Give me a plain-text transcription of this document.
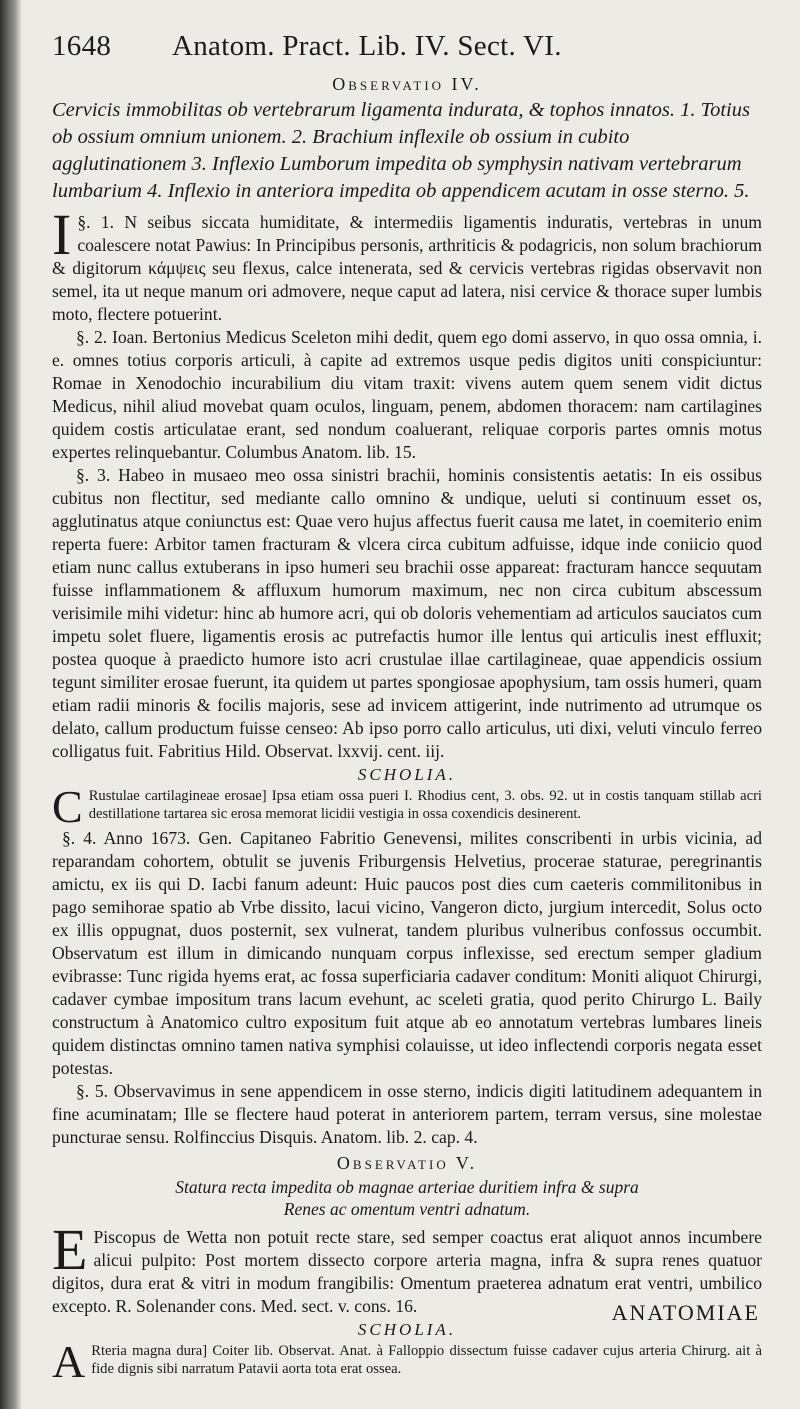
1648	Anatom. Pract. Lib. IV. Sect. VI.
Observatio IV.

Cervicis immobilitas ob vertebrarum ligamenta indurata, & tophos innatos. 1. Totius ob ossium omnium unionem. 2. Brachium inflexile ob ossium in cubito agglutinationem 3. Inflexio Lumborum impedita ob symphysin nativam vertebrarum lumbarium 4. Inflexio in anteriora impedita ob appendicem acutam in osse sterno. 5.

§. 1.
I	N seibus siccata humiditate, & intermediis ligamentis induratis, vertebras in unum coalescere notat Pawius: In Principibus personis, arthriticis & podagricis, non solum brachiorum & digitorum κάμψεις seu flexus, calce intenerata, sed & cervicis vertebras rigidas observavit non semel, ita ut neque manum ori admovere, neque caput ad latera, nisi cervice & thorace super lumbis moto, flectere potuerint.

§. 2. Ioan. Bertonius Medicus Sceleton mihi dedit, quem ego domi asservo, in quo ossa omnia, i. e. omnes totius corporis articuli, à capite ad extremos usque pedis digitos uniti conspiciuntur: Romae in Xenodochio incurabilium diu vitam traxit: vivens autem quem senem vidit dictus Medicus, nihil aliud movebat quam oculos, linguam, penem, abdomen thoracem: nam cartilagines quidem costis articulatae erant, sed nondum coaluerant, reliquae corporis partes omnis motus expertes relinquebantur. Columbus Anatom. lib. 15.

§. 3. Habeo in musaeo meo ossa sinistri brachii, hominis consistentis aetatis: In eis ossibus cubitus non flectitur, sed mediante callo omnino & undique, ueluti si continuum esset os, agglutinatus atque coniunctus est: Quae vero hujus affectus fuerit causa me latet, in coemiterio enim reperta fuere: Arbitor tamen fracturam & vlcera circa cubitum adfuisse, idque inde coniicio quod etiam nunc callus extuberans in ipso humeri seu brachii osse appareat: fracturam hancce sequutam fuisse inflammationem & affluxum humorum maximum, nec non circa cubitum abscessum verisimile mihi videtur: hinc ab humore acri, qui ob doloris vehementiam ad articulos sauciatos cum impetu solet fluere, ligamentis erosis ac putrefactis humor ille lentus qui articulis inest effluxit; postea quoque à praedicto humore isto acri crustulae illae cartilagineae, quae appendicis ossium tegunt similiter erosae fuerunt, ita quidem ut partes spongiosae apophysium, tam ossis humeri, quam etiam radii minoris & focilis majoris, sese ad invicem attigerint, inde nutrimento ad utrumque os delato, callum productum fuisse censeo: Ab ipso porro callo articulus, uti dixi, veluti vinculo ferreo colligatus fuit. Fabritius Hild. Observat. lxxvij. cent. iij.

SCHOLIA.

C Rustulae cartilagineae erosae] Ipsa etiam ossa pueri I. Rhodius cent, 3. obs. 92. ut in costis tanquam stillab acri destillatione tartarea sic erosa memorat licidii vestigia in ossa coxendicis desinerent.

§. 4. Anno 1673. Gen. Capitaneo Fabritio Genevensi, milites conscribenti in urbis vicinia, ad reparandam cohortem, obtulit se juvenis Friburgensis Helvetius, procerae staturae, peregrinantis amictu, ex iis qui D. Iacbi fanum adeunt: Huic paucos post dies cum caeteris commilitonibus in pago semihorae spatio ab Vrbe dissito, lacui vicino, Vangeron dicto, jurgium intercedit, Solus octo ex illis oppugnat, duos posternit, sex vulnerat, tandem pluribus vulneribus confossus occumbit. Observatum est illum in dimicando nunquam corpus inflexisse, sed erectum semper gladium evibrasse: Tunc rigida hyems erat, ac fossa superficiaria cadaver conditum: Moniti aliquot Chirurgi, cadaver cymbae impositum trans lacum evehunt, ac sceleti gratia, quod perito Chirurgo L. Baily constructum à Anatomico cultro expositum fuit atque ab eo annotatum vertebras lumbares lineis quidem distinctas omnino tamen nativa symphisi colauisse, ut ideo inflectendi corporis negata esset potestas.

§. 5. Observavimus in sene appendicem in osse sterno, indicis digiti latitudinem adequantem in fine acuminatam; Ille se flectere haud poterat in anteriorem partem, terram versus, sine molestae puncturae sensu. Rolfinccius Disquis. Anatom. lib. 2. cap. 4.

Observatio V.
Statura recta impedita ob magnae arteriae duritiem infra & supra
Renes ac omentum ventri adnatum.

E Piscopus de Wetta non potuit recte stare, sed semper coactus erat aliquot annos incumbere alicui pulpito: Post mortem dissecto corpore arteria magna, infra & supra renes quatuor digitos, dura erat & vitri in modum frangibilis: Omentum praeterea adnatum erat ventri, umbilico excepto. R. Solenander cons. Med. sect. v. cons. 16.

SCHOLIA.

A Rteria magna dura] Coiter lib. Observat. Anat. à Falloppio dissectum fuisse cadaver cujus arteria Chirurg. ait à fide dignis sibi narratum Patavii aorta tota erat ossea.

ANATOMIAE
